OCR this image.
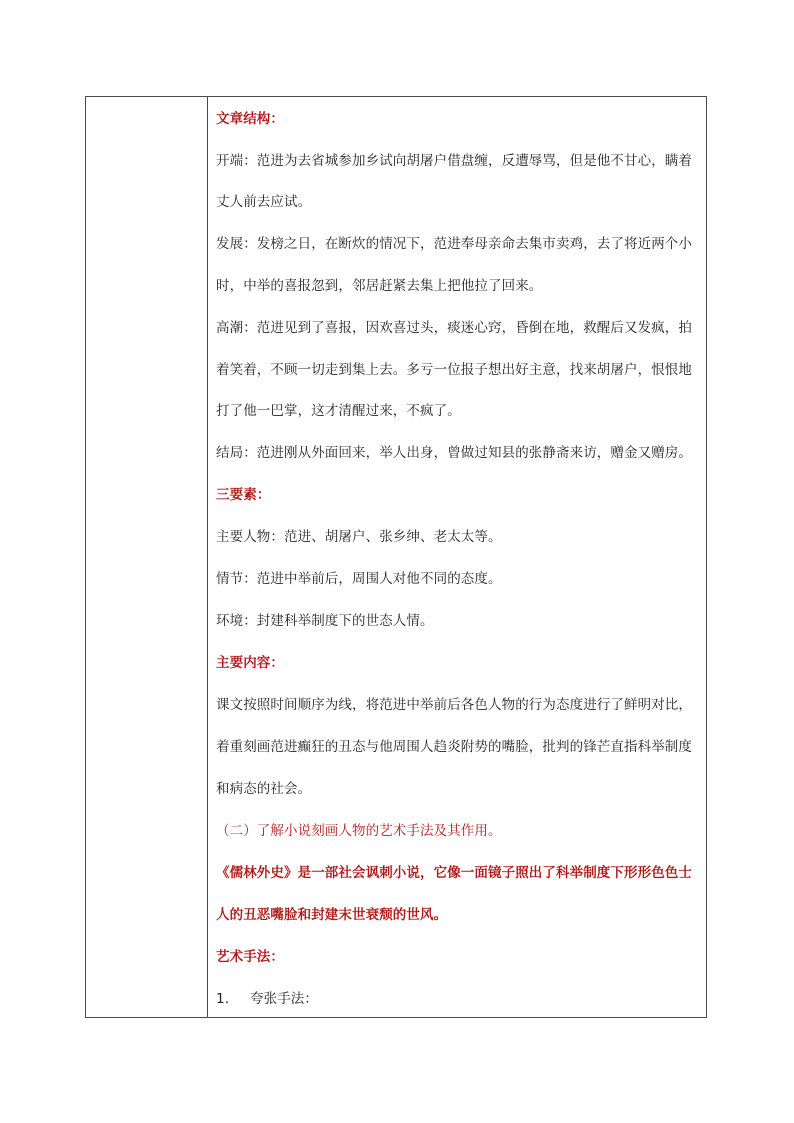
文章结构：
开端：范进为去省城参加乡试向胡屠户借盘缠，反遭辱骂，但是他不甘心，瞒着
丈人前去应试。
发展：发榜之日，在断炊的情况下，范进奉母亲命去集市卖鸡，去了将近两个小
时，中举的喜报忽到，邻居赶紧去集上把他拉了回来。
高潮：范进见到了喜报，因欢喜过头，痰迷心窍，昏倒在地，救醒后又发疯，拍
着笑着，不顾一切走到集上去。多亏一位报子想出好主意，找来胡屠户，恨恨地
打了他一巴掌，这才清醒过来，不疯了。
结局：范进刚从外面回来，举人出身，曾做过知县的张静斋来访，赠金又赠房。
三要素：
主要人物：范进、胡屠户、张乡绅、老太太等。
情节：范进中举前后，周围人对他不同的态度。
环境：封建科举制度下的世态人情。
主要内容：
课文按照时间顺序为线，将范进中举前后各色人物的行为态度进行了鲜明对比，
着重刻画范进癫狂的丑态与他周围人趋炎附势的嘴脸，批判的锋芒直指科举制度
和病态的社会。
（二）了解小说刻画人物的艺术手法及其作用。
《儒林外史》是一部社会讽刺小说，它像一面镜子照出了科举制度下形形色色士
人的丑恶嘴脸和封建末世衰颓的世风。
艺术手法：
1. 夸张手法：
